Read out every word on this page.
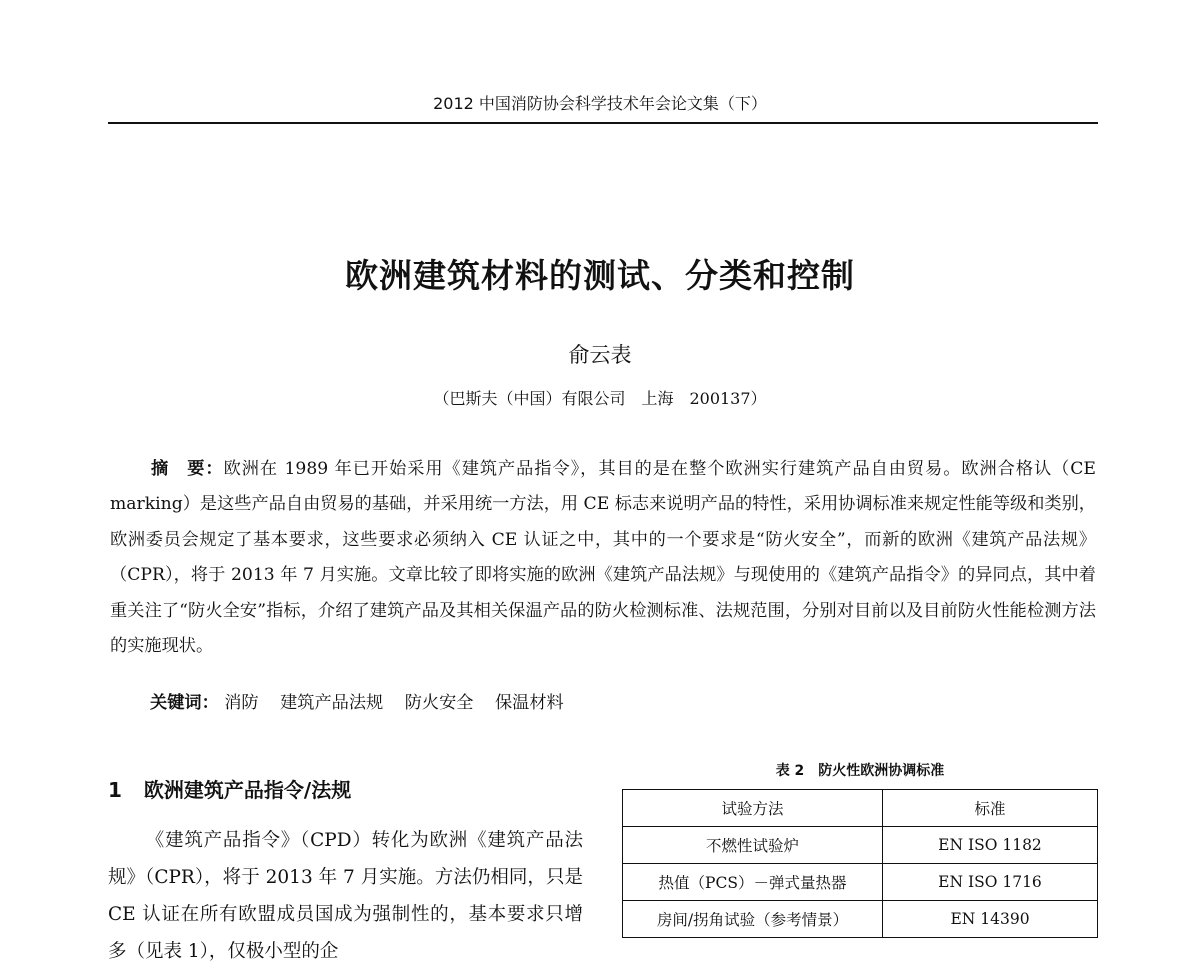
2012 中国消防协会科学技术年会论文集（下）
欧洲建筑材料的测试、分类和控制
俞云表
（巴斯夫（中国）有限公司　上海　200137）

摘　要：欧洲在 1989 年已开始采用《建筑产品指令》，其目的是在整个欧洲实行建筑产品自由贸易。欧洲合格认（CE marking）是这些产品自由贸易的基础，并采用统一方法，用 CE 标志来说明产品的特性，采用协调标准来规定性能等级和类别，欧洲委员会规定了基本要求，这些要求必须纳入 CE 认证之中，其中的一个要求是“防火安全”，而新的欧洲《建筑产品法规》（CPR），将于 2013 年 7 月实施。文章比较了即将实施的欧洲《建筑产品法规》与现使用的《建筑产品指令》的异同点，其中着重关注了“防火全安”指标，介绍了建筑产品及其相关保温产品的防火检测标准、法规范围，分别对目前以及目前防火性能检测方法的实施现状。

关键词： 消防 建筑产品法规 防火安全 保温材料
1 欧洲建筑产品指令/法规

《建筑产品指令》（CPD）转化为欧洲《建筑产品法规》（CPR），将于 2013 年 7 月实施。方法仍相同，只是 CE 认证在所有欧盟成员国成为强制性的，基本要求只增多（见表 1），仅极小型的企

表 2　防火性欧洲协调标准
试验方法	标准
不燃性试验炉	EN ISO 1182
热值（PCS）－弹式量热器	EN ISO 1716
房间/拐角试验（参考情景）	EN 14390
